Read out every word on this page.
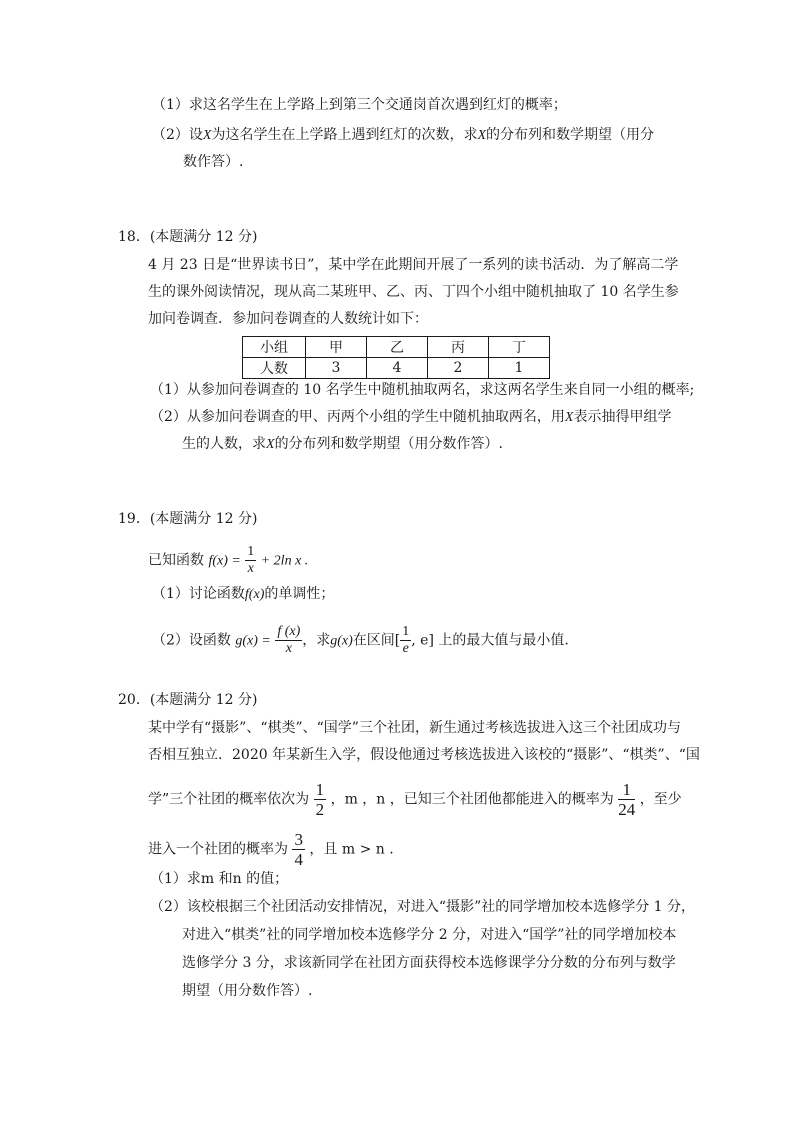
（1）求这名学生在上学路上到第三个交通岗首次遇到红灯的概率；
（2）设X为这名学生在上学路上遇到红灯的次数，求X的分布列和数学期望（用分
数作答）.
18．(本题满分 12 分)
4 月 23 日是“世界读书日”，某中学在此期间开展了一系列的读书活动．为了解高二学
生的课外阅读情况，现从高二某班甲、乙、丙、丁四个小组中随机抽取了 10 名学生参
加问卷调查．参加问卷调查的人数统计如下：
小组	甲	乙	丙	丁
人数	3	4	2	1
（1）从参加问卷调查的 10 名学生中随机抽取两名，求这两名学生来自同一小组的概率;
（2）从参加问卷调查的甲、丙两个小组的学生中随机抽取两名，用X表示抽得甲组学
生的人数，求X的分布列和数学期望（用分数作答）.
19．(本题满分 12 分)
已知函数 $f(x) = \frac{1}{x} + 2\ln$ x .
（1）讨论函数f(x)的单调性；
（2）设函数 $g(x) = \frac{f (x)}{x}$ ，求g(x)在区间[ $\frac{1}{e}$ , e] 上的最大值与最小值.
20．(本题满分 12 分)
某中学有“摄影”、“棋类”、“国学”三个社团，新生通过考核选拔进入这三个社团成功与
否相互独立．2020 年某新生入学，假设他通过考核选拔进入该校的“摄影”、“棋类”、“国
学”三个社团的概率依次为 $\frac{1}{2}$ ，m ，n ，已知三个社团他都能进入的概率为 $\frac{1}{24}$ ，至少
进入一个社团的概率为 $\frac{3}{4}$ ，且 m > n .
（1）求m 和n 的值；
（2）该校根据三个社团活动安排情况，对进入“摄影”社的同学增加校本选修学分 1 分，
对进入“棋类”社的同学增加校本选修学分 2 分，对进入“国学”社的同学增加校本
选修学分 3 分，求该新同学在社团方面获得校本选修课学分分数的分布列与数学
期望（用分数作答）.
